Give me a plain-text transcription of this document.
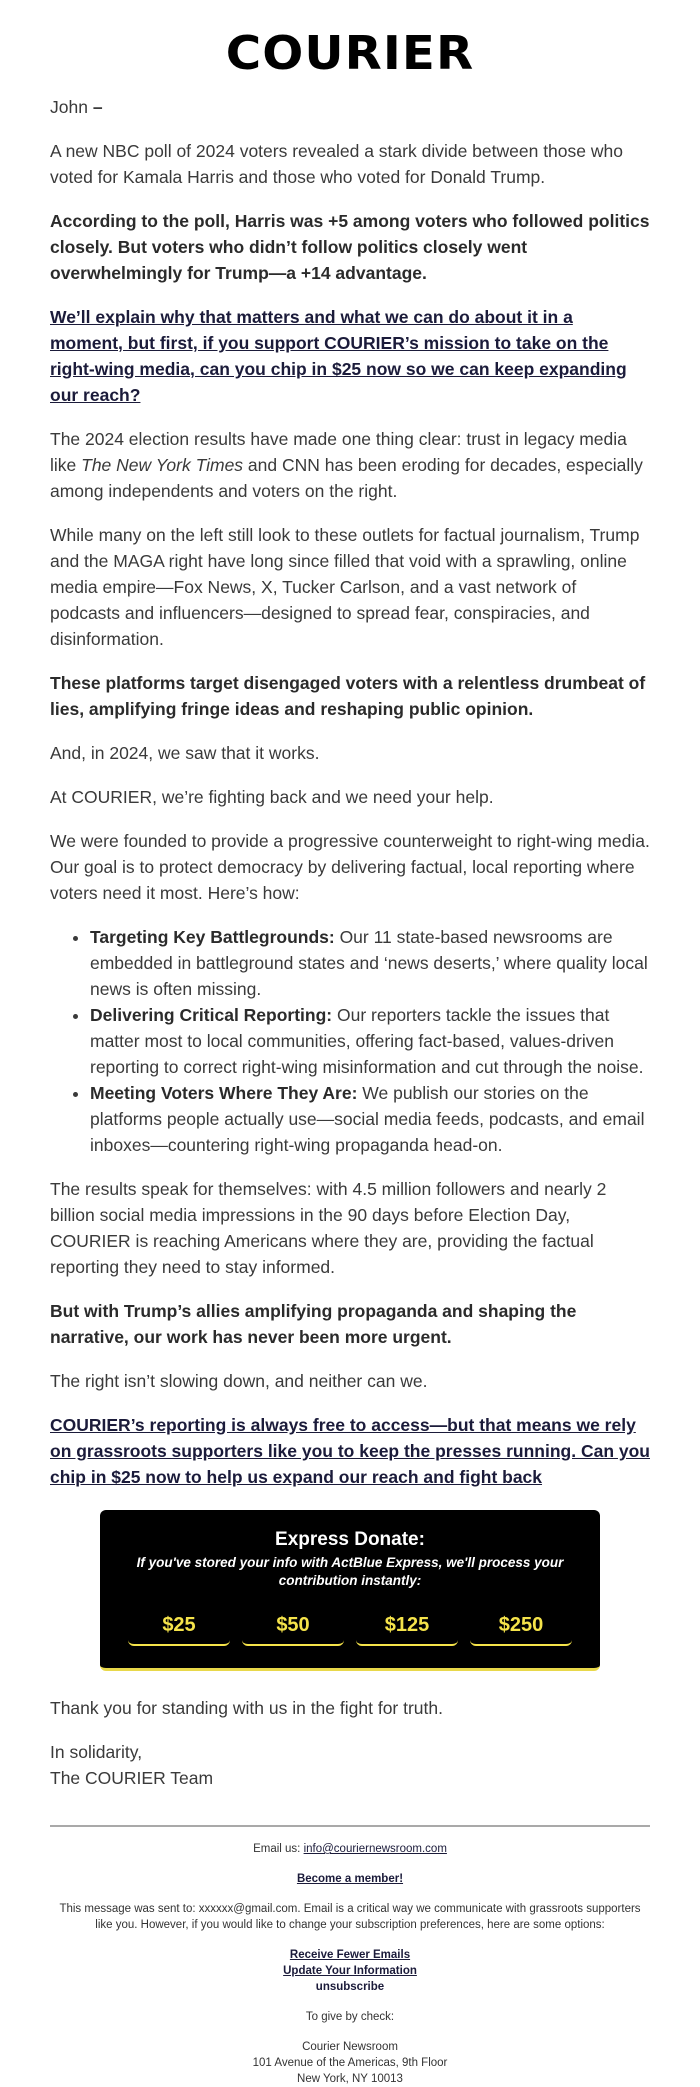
COURIER

John –

A new NBC poll of 2024 voters revealed a stark divide between those who voted for Kamala Harris and those who voted for Donald Trump.

According to the poll, Harris was +5 among voters who followed politics closely. But voters who didn’t follow politics closely went overwhelmingly for Trump—a +14 advantage.

We’ll explain why that matters and what we can do about it in a moment, but first, if you support COURIER’s mission to take on the right-wing media, can you chip in $25 now so we can keep expanding our reach?

The 2024 election results have made one thing clear: trust in legacy media like The New York Times and CNN has been eroding for decades, especially among independents and voters on the right.

While many on the left still look to these outlets for factual journalism, Trump and the MAGA right have long since filled that void with a sprawling, online media empire—Fox News, X, Tucker Carlson, and a vast network of podcasts and influencers—designed to spread fear, conspiracies, and disinformation.

These platforms target disengaged voters with a relentless drumbeat of lies, amplifying fringe ideas and reshaping public opinion.

And, in 2024, we saw that it works.

At COURIER, we’re fighting back and we need your help.

We were founded to provide a progressive counterweight to right-wing media. Our goal is to protect democracy by delivering factual, local reporting where voters need it most. Here’s how:

• Targeting Key Battlegrounds: Our 11 state-based newsrooms are embedded in battleground states and ‘news deserts,’ where quality local news is often missing.
• Delivering Critical Reporting: Our reporters tackle the issues that matter most to local communities, offering fact-based, values-driven reporting to correct right-wing misinformation and cut through the noise.
• Meeting Voters Where They Are: We publish our stories on the platforms people actually use—social media feeds, podcasts, and email inboxes—countering right-wing propaganda head-on.

The results speak for themselves: with 4.5 million followers and nearly 2 billion social media impressions in the 90 days before Election Day, COURIER is reaching Americans where they are, providing the factual reporting they need to stay informed.

But with Trump’s allies amplifying propaganda and shaping the narrative, our work has never been more urgent.

The right isn’t slowing down, and neither can we.

COURIER’s reporting is always free to access—but that means we rely on grassroots supporters like you to keep the presses running. Can you chip in $25 now to help us expand our reach and fight back

Express Donate:
If you've stored your info with ActBlue Express, we'll process your contribution instantly:
$25	$50	$125	$250

Thank you for standing with us in the fight for truth.

In solidarity,
The COURIER Team

Email us: info@couriernewsroom.com

Become a member!

This message was sent to: xxxxxx@gmail.com. Email is a critical way we communicate with grassroots supporters like you. However, if you would like to change your subscription preferences, here are some options:

Receive Fewer Emails
Update Your Information
unsubscribe

To give by check:

Courier Newsroom
101 Avenue of the Americas, 9th Floor
New York, NY 10013
